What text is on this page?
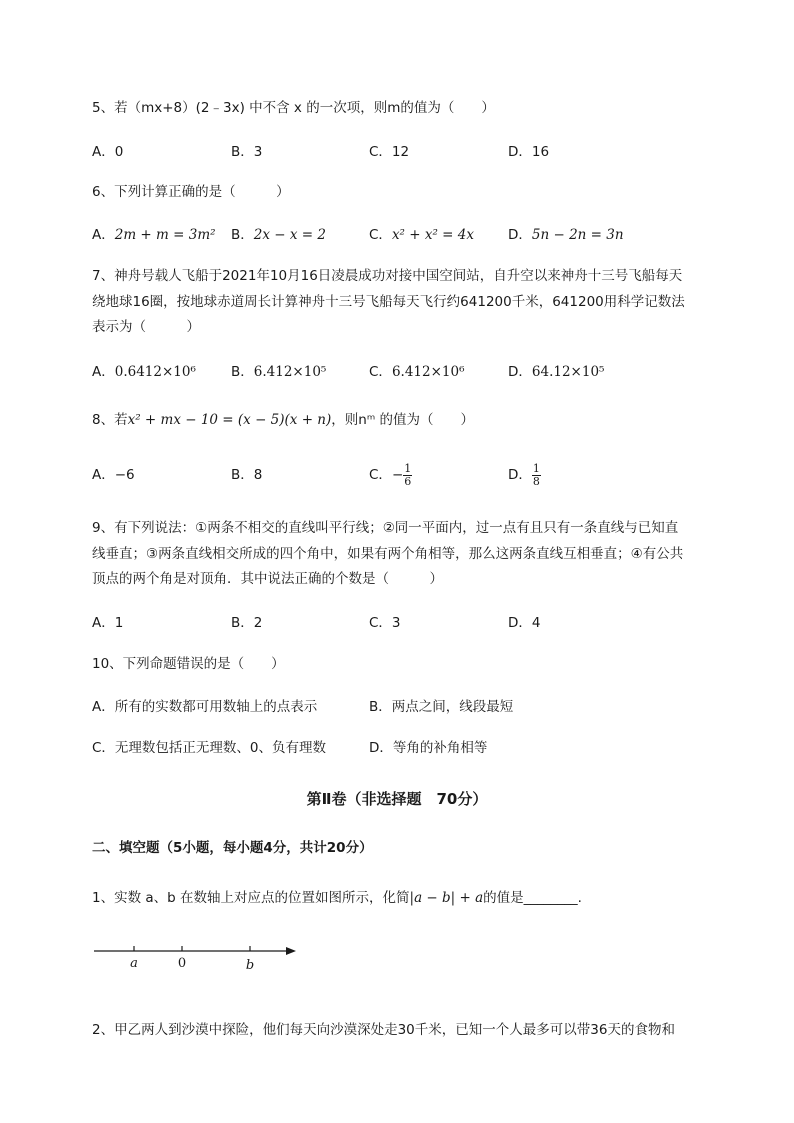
5、若（mx+8）(2﹣3x) 中不含 x 的一次项，则m的值为（　　）
A．0	B．3	C．12	D．16
6、下列计算正确的是（　　　）
A．2m + m = 3m² B．2x − x = 2	C．x² + x² = 4x	D．5n − 2n = 3n
7、神舟号载人飞船于2021年10月16日凌晨成功对接中国空间站，自升空以来神舟十三号飞船每天
绕地球16圈，按地球赤道周长计算神舟十三号飞船每天飞行约641200千米，641200用科学记数法
表示为（　　　）
A．0.6412×10⁶	B．6.412×10⁵	C．6.412×10⁶	D．64.12×10⁵
8、若x² + mx − 10 = (x − 5)(x + n)，则nᵐ 的值为（　　）
A．−6	B．8	C．− $\frac{1}{6}$	D． $\frac{1}{8}$
9、有下列说法：①两条不相交的直线叫平行线；②同一平面内，过一点有且只有一条直线与已知直
线垂直；③两条直线相交所成的四个角中，如果有两个角相等，那么这两条直线互相垂直；④有公共
顶点的两个角是对顶角．其中说法正确的个数是（　　　）
A．1	B．2	C．3	D．4
10、下列命题错误的是（　　）
A．所有的实数都可用数轴上的点表示	B．两点之间，线段最短
C．无理数包括正无理数、0、负有理数	D．等角的补角相等
第Ⅱ卷（非选择题　70分）
二、填空题（5小题，每小题4分，共计20分）
1、实数 a、b 在数轴上对应点的位置如图所示，化简|a − b| + a的值是________.
a	0	b
2、甲乙两人到沙漠中探险，他们每天向沙漠深处走30千米，已知一个人最多可以带36天的食物和
